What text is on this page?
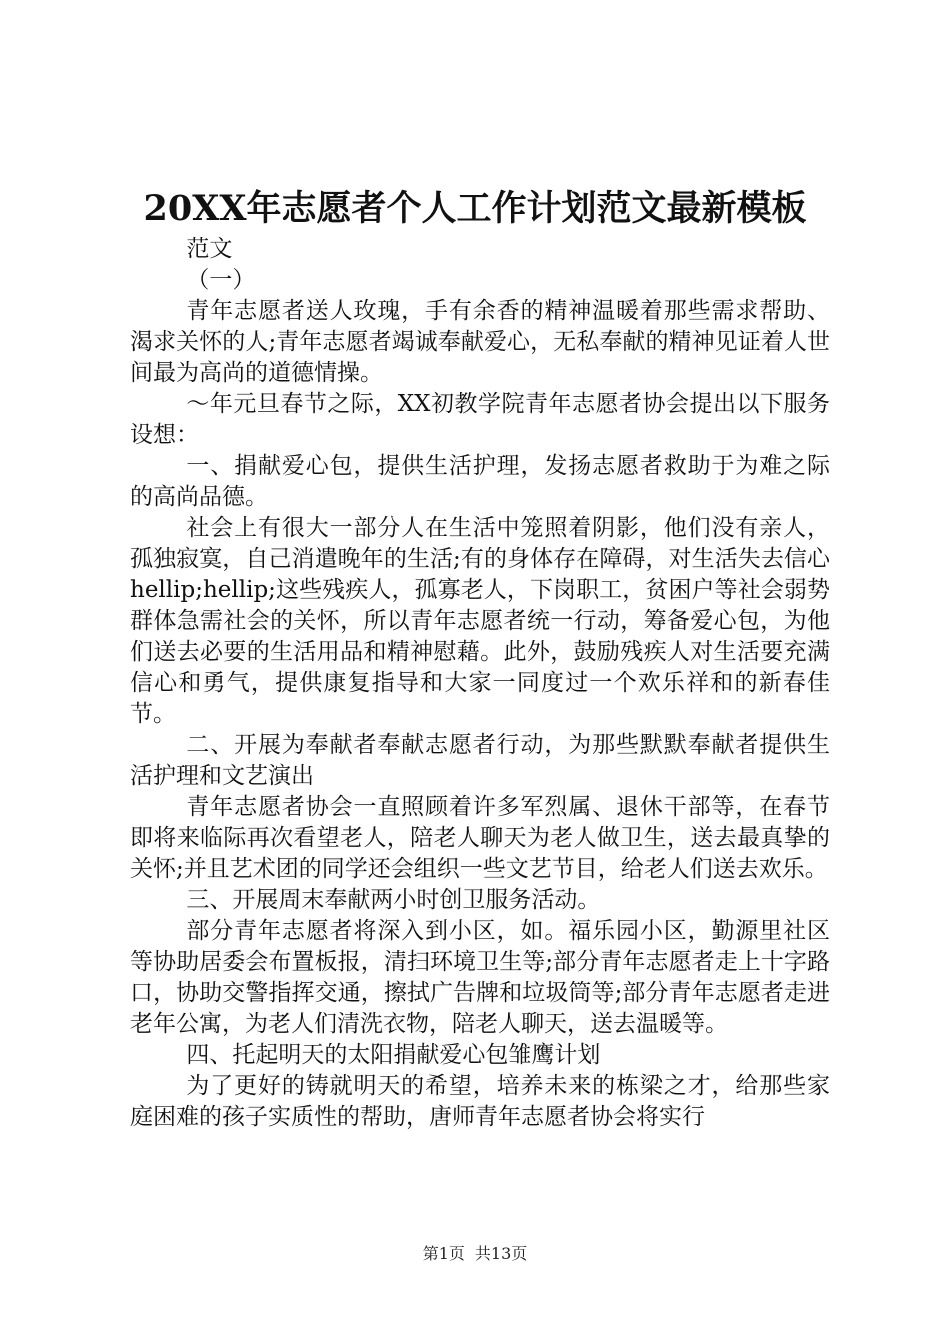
20XX年志愿者个人工作计划范文最新模板

范文

（一）

青年志愿者送人玫瑰，手有余香的精神温暖着那些需求帮助、渴求关怀的人;青年志愿者竭诚奉献爱心，无私奉献的精神见证着人世间最为高尚的道德情操。

～年元旦春节之际，XX初教学院青年志愿者协会提出以下服务设想：

一、捐献爱心包，提供生活护理，发扬志愿者救助于为难之际的高尚品德。

社会上有很大一部分人在生活中笼照着阴影，他们没有亲人，孤独寂寞，自己消遣晚年的生活;有的身体存在障碍，对生活失去信心hellip;hellip;这些残疾人，孤寡老人，下岗职工，贫困户等社会弱势群体急需社会的关怀，所以青年志愿者统一行动，筹备爱心包，为他们送去必要的生活用品和精神慰藉。此外，鼓励残疾人对生活要充满信心和勇气，提供康复指导和大家一同度过一个欢乐祥和的新春佳节。

二、开展为奉献者奉献志愿者行动，为那些默默奉献者提供生活护理和文艺演出

青年志愿者协会一直照顾着许多军烈属、退休干部等，在春节即将来临际再次看望老人，陪老人聊天为老人做卫生，送去最真挚的关怀;并且艺术团的同学还会组织一些文艺节目，给老人们送去欢乐。

三、开展周末奉献两小时创卫服务活动。

部分青年志愿者将深入到小区，如。福乐园小区，勤源里社区等协助居委会布置板报，清扫环境卫生等;部分青年志愿者走上十字路口，协助交警指挥交通，擦拭广告牌和垃圾筒等;部分青年志愿者走进老年公寓，为老人们清洗衣物，陪老人聊天，送去温暖等。

四、托起明天的太阳捐献爱心包雏鹰计划

为了更好的铸就明天的希望，培养未来的栋梁之才，给那些家庭困难的孩子实质性的帮助，唐师青年志愿者协会将实行

第1页 共13页
